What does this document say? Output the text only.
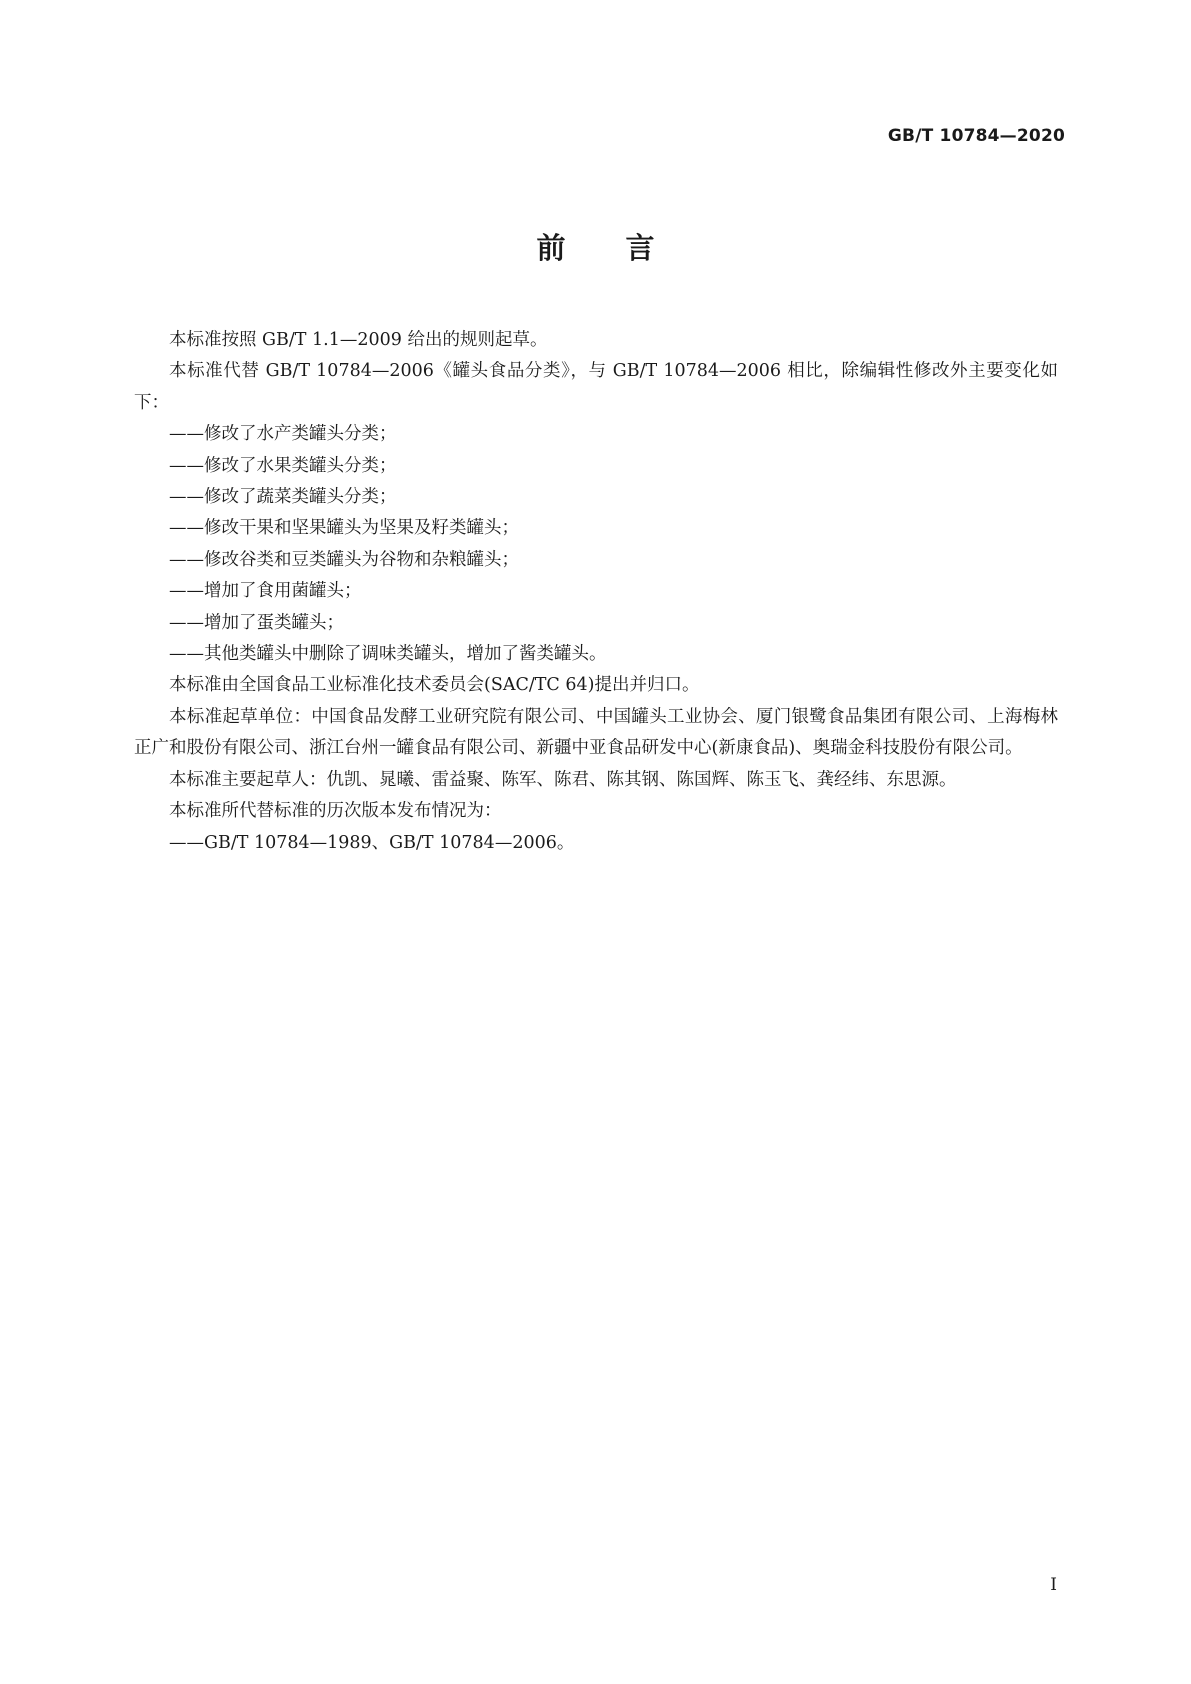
GB/T 10784—2020
前言

本标准按照 GB/T 1.1—2009 给出的规则起草。

本标准代替 GB/T 10784—2006《罐头食品分类》，与 GB/T 10784—2006 相比，除编辑性修改外主要变化如下：

——修改了水产类罐头分类；

——修改了水果类罐头分类；

——修改了蔬菜类罐头分类；

——修改干果和坚果罐头为坚果及籽类罐头；

——修改谷类和豆类罐头为谷物和杂粮罐头；

——增加了食用菌罐头；

——增加了蛋类罐头；

——其他类罐头中删除了调味类罐头，增加了酱类罐头。

本标准由全国食品工业标准化技术委员会(SAC/TC 64)提出并归口。

本标准起草单位：中国食品发酵工业研究院有限公司、中国罐头工业协会、厦门银鹭食品集团有限公司、上海梅林正广和股份有限公司、浙江台州一罐食品有限公司、新疆中亚食品研发中心(新康食品)、奥瑞金科技股份有限公司。

本标准主要起草人：仇凯、晁曦、雷益聚、陈军、陈君、陈其钢、陈国辉、陈玉飞、龚经纬、东思源。

本标准所代替标准的历次版本发布情况为：

——GB/T 10784—1989、GB/T 10784—2006。

I
